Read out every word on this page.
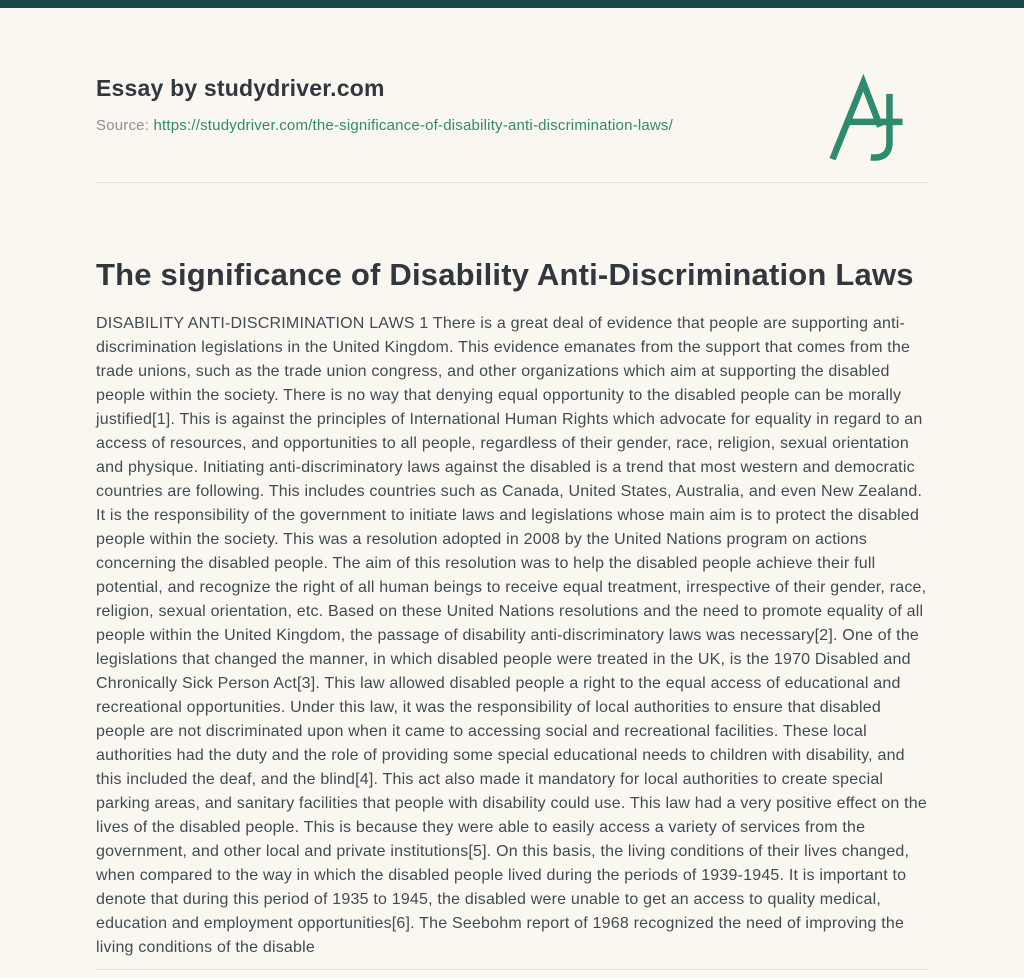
Essay by studydriver.com

Source: https://studydriver.com/the-significance-of-disability-anti-discrimination-laws/

The significance of Disability Anti-Discrimination Laws

DISABILITY ANTI-DISCRIMINATION LAWS 1 There is a great deal of evidence that people are supporting anti-discrimination legislations in the United Kingdom. This evidence emanates from the support that comes from the trade unions, such as the trade union congress, and other organizations which aim at supporting the disabled people within the society. There is no way that denying equal opportunity to the disabled people can be morally justified[1]. This is against the principles of International Human Rights which advocate for equality in regard to an access of resources, and opportunities to all people, regardless of their gender, race, religion, sexual orientation and physique. Initiating anti-discriminatory laws against the disabled is a trend that most western and democratic countries are following. This includes countries such as Canada, United States, Australia, and even New Zealand. It is the responsibility of the government to initiate laws and legislations whose main aim is to protect the disabled people within the society. This was a resolution adopted in 2008 by the United Nations program on actions concerning the disabled people. The aim of this resolution was to help the disabled people achieve their full potential, and recognize the right of all human beings to receive equal treatment, irrespective of their gender, race, religion, sexual orientation, etc. Based on these United Nations resolutions and the need to promote equality of all people within the United Kingdom, the passage of disability anti-discriminatory laws was necessary[2]. One of the legislations that changed the manner, in which disabled people were treated in the UK, is the 1970 Disabled and Chronically Sick Person Act[3]. This law allowed disabled people a right to the equal access of educational and recreational opportunities. Under this law, it was the responsibility of local authorities to ensure that disabled people are not discriminated upon when it came to accessing social and recreational facilities. These local authorities had the duty and the role of providing some special educational needs to children with disability, and this included the deaf, and the blind[4]. This act also made it mandatory for local authorities to create special parking areas, and sanitary facilities that people with disability could use. This law had a very positive effect on the lives of the disabled people. This is because they were able to easily access a variety of services from the government, and other local and private institutions[5]. On this basis, the living conditions of their lives changed, when compared to the way in which the disabled people lived during the periods of 1939-1945. It is important to denote that during this period of 1935 to 1945, the disabled were unable to get an access to quality medical, education and employment opportunities[6]. The Seebohm report of 1968 recognized the need of improving the living conditions of the disable
